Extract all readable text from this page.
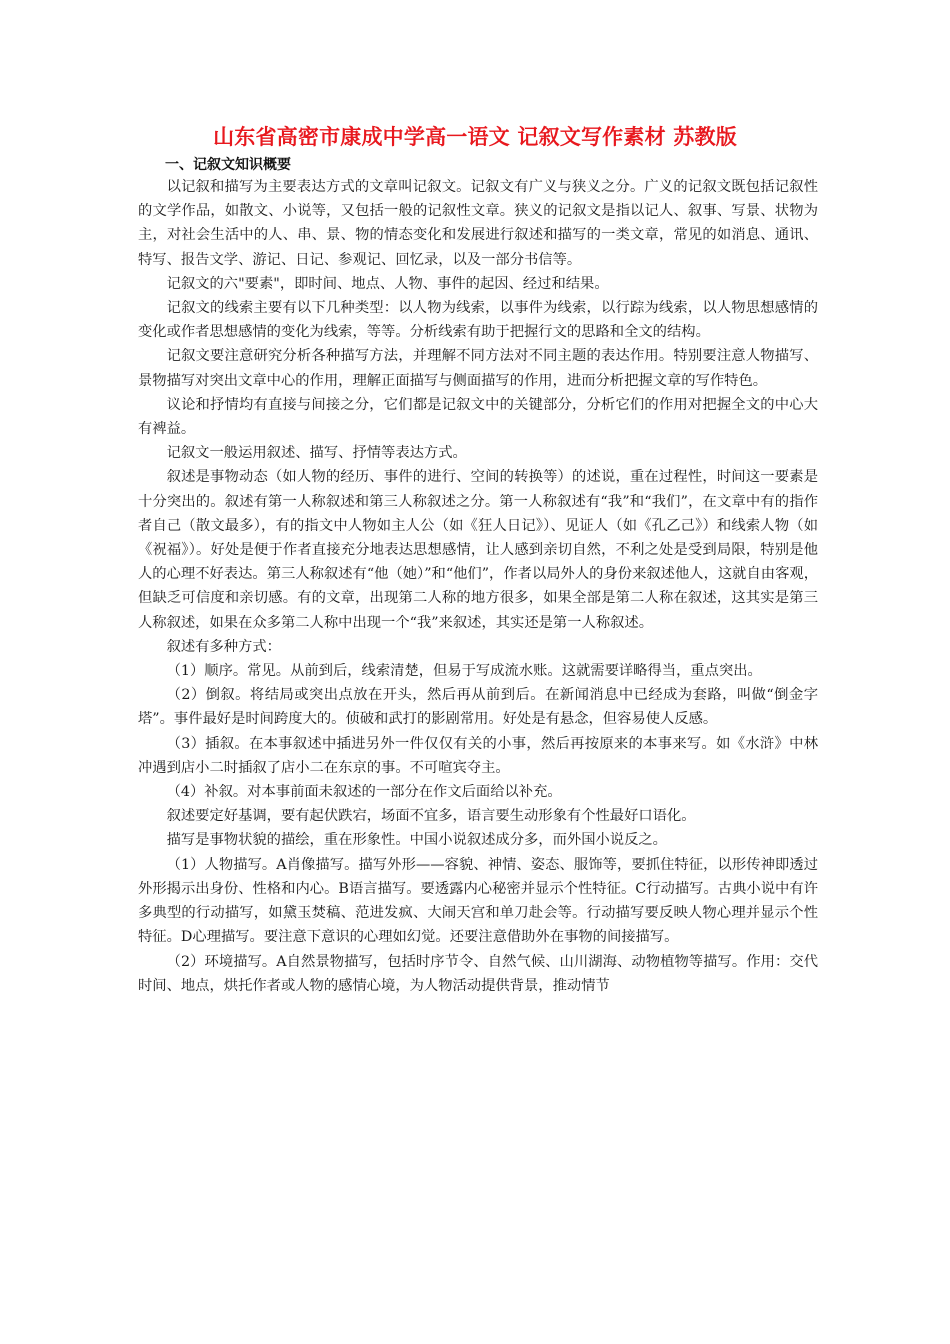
山东省高密市康成中学高一语文 记叙文写作素材 苏教版
一、记叙文知识概要

以记叙和描写为主要表达方式的文章叫记叙文。记叙文有广义与狭义之分。广义的记叙文既包括记叙性的文学作品，如散文、小说等，又包括一般的记叙性文章。狭义的记叙文是指以记人、叙事、写景、状物为主，对社会生活中的人、串、景、物的情态变化和发展进行叙述和描写的一类文章，常见的如消息、通讯、特写、报告文学、游记、日记、参观记、回忆录，以及一部分书信等。

记叙文的六"要素"，即时间、地点、人物、事件的起因、经过和结果。

记叙文的线索主要有以下几种类型：以人物为线索，以事件为线索，以行踪为线索，以人物思想感情的变化或作者思想感情的变化为线索，等等。分析线索有助于把握行文的思路和全文的结构。

记叙文要注意研究分析各种描写方法，并理解不同方法对不同主题的表达作用。特别要注意人物描写、景物描写对突出文章中心的作用，理解正面描写与侧面描写的作用，进而分析把握文章的写作特色。

议论和抒情均有直接与间接之分，它们都是记叙文中的关键部分，分析它们的作用对把握全文的中心大有裨益。

记叙文一般运用叙述、描写、抒情等表达方式。

叙述是事物动态（如人物的经历、事件的进行、空间的转换等）的述说，重在过程性，时间这一要素是十分突出的。叙述有第一人称叙述和第三人称叙述之分。第一人称叙述有“我”和“我们”，在文章中有的指作者自己（散文最多），有的指文中人物如主人公（如《狂人日记》）、见证人（如《孔乙己》）和线索人物（如《祝福》）。好处是便于作者直接充分地表达思想感情，让人感到亲切自然，不利之处是受到局限，特别是他人的心理不好表达。第三人称叙述有“他（她）”和“他们”，作者以局外人的身份来叙述他人，这就自由客观，但缺乏可信度和亲切感。有的文章，出现第二人称的地方很多，如果全部是第二人称在叙述，这其实是第三人称叙述，如果在众多第二人称中出现一个“我”来叙述，其实还是第一人称叙述。

叙述有多种方式：

（1）顺序。常见。从前到后，线索清楚，但易于写成流水账。这就需要详略得当，重点突出。

（2）倒叙。将结局或突出点放在开头，然后再从前到后。在新闻消息中已经成为套路，叫做“倒金字塔”。事件最好是时间跨度大的。侦破和武打的影剧常用。好处是有悬念，但容易使人反感。

（3）插叙。在本事叙述中插进另外一件仅仅有关的小事，然后再按原来的本事来写。如《水浒》中林冲遇到店小二时插叙了店小二在东京的事。不可喧宾夺主。

（4）补叙。对本事前面未叙述的一部分在作文后面给以补充。

叙述要定好基调，要有起伏跌宕，场面不宜多，语言要生动形象有个性最好口语化。

描写是事物状貌的描绘，重在形象性。中国小说叙述成分多，而外国小说反之。

（1）人物描写。A肖像描写。描写外形——容貌、神情、姿态、服饰等，要抓住特征，以形传神即透过外形揭示出身份、性格和内心。B语言描写。要透露内心秘密并显示个性特征。C行动描写。古典小说中有许多典型的行动描写，如黛玉焚稿、范进发疯、大闹天宫和单刀赴会等。行动描写要反映人物心理并显示个性特征。D心理描写。要注意下意识的心理如幻觉。还要注意借助外在事物的间接描写。

（2）环境描写。A自然景物描写，包括时序节令、自然气候、山川湖海、动物植物等描写。作用：交代时间、地点，烘托作者或人物的感情心境，为人物活动提供背景，推动情节
